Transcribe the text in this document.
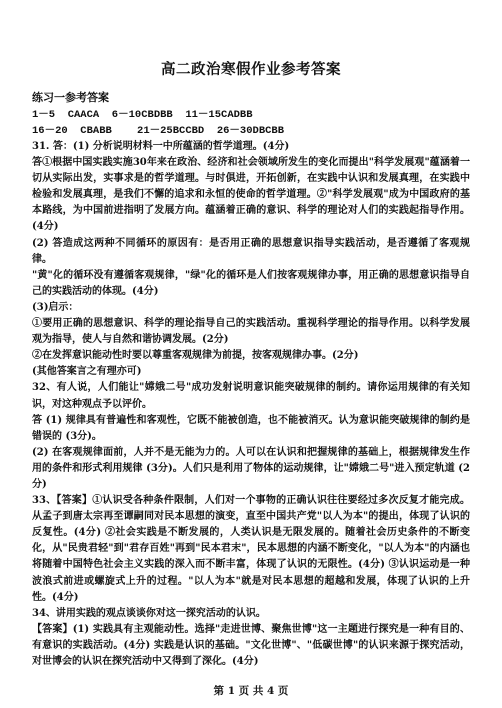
高二政治寒假作业参考答案
练习一参考答案
1－5  CAACA  6－10CBDBB  11－15CADBB
16－20  CBABB    21－25BCCBD  26－30DBCBB

31. 答：(1) 分析说明材料一中所蕴涵的哲学道理。(4分)

答①根据中国实践实施30年来在政治、经济和社会领域所发生的变化而提出"科学发展观"蕴涵着一切从实际出发，实事求是的哲学道理。与时俱进，开拓创新，在实践中认识和发展真理，在实践中检验和发展真理，是我们不懈的追求和永恒的使命的哲学道理。②"科学发展观"成为中国政府的基本路线，为中国前进指明了发展方向。蕴涵着正确的意识、科学的理论对人们的实践起指导作用。(4分)

(2) 答造成这两种不同循环的原因有：是否用正确的思想意识指导实践活动，是否遵循了客观规律。

"黄"化的循环没有遵循客观规律，"绿"化的循环是人们按客观规律办事，用正确的思想意识指导自己的实践活动的体现。(4分)

(3)启示：

①要用正确的思想意识、科学的理论指导自己的实践活动。重视科学理论的指导作用。以科学发展观为指导，使人与自然和谐协调发展。(2分)

②在发挥意识能动性时要以尊重客观规律为前提，按客观规律办事。(2分)

(其他答案言之有理亦可)

32、有人说，人们能让"嫦娥二号"成功发射说明意识能突破规律的制约。请你运用规律的有关知识，对这种观点予以评价。

答 (1) 规律具有普遍性和客观性，它既不能被创造，也不能被消灭。认为意识能突破规律的制约是错误的 (3分)。

(2) 在客观规律面前，人并不是无能为力的。人可以在认识和把握规律的基础上，根据规律发生作用的条件和形式利用规律 (3分)。人们只是利用了物体的运动规律，让"嫦娥二号"进入预定轨道 (2分)

33、【答案】①认识受各种条件限制，人们对一个事物的正确认识往往要经过多次反复才能完成。从孟子到唐太宗再至谭嗣同对民本思想的演变，直至中国共产党"以人为本"的提出，体现了认识的反复性。(4分) ②社会实践是不断发展的，人类认识是无限发展的。随着社会历史条件的不断变化，从"民贵君轻"到"君存百姓"再到"民本君末"，民本思想的内涵不断变化，"以人为本"的内涵也将随着中国特色社会主义实践的深入而不断丰富，体现了认识的无限性。(4分) ③认识运动是一种波浪式前进或螺旋式上升的过程。"以人为本"就是对民本思想的超越和发展，体现了认识的上升性。(4分)

34、讲用实践的观点谈谈你对这一探究活动的认识。

【答案】(1) 实践具有主观能动性。选择"走进世博、聚焦世博"这一主题进行探究是一种有目的、有意识的实践活动。(4分) 实践是认识的基础。"文化世博"、"低碳世博"的认识来源于探究活动，对世博会的认识在探究活动中又得到了深化。(4分)

第 1 页 共 4 页
